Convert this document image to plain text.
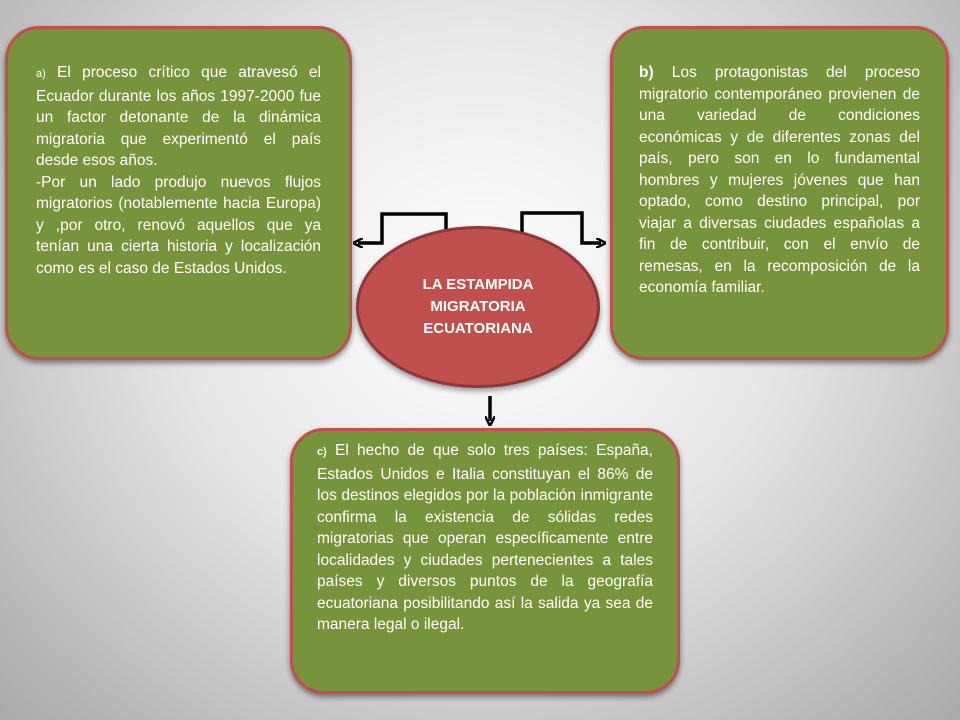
a) El proceso crítico que atravesó el Ecuador durante los años 1997-2000 fue un factor detonante de la dinámica migratoria que experimentó el país desde esos años.

-Por un lado produjo nuevos flujos migratorios (notablemente hacia Europa) y ,por otro, renovó aquellos que ya tenían una cierta historia y localización como es el caso de Estados Unidos.

b) Los protagonistas del proceso migratorio contemporáneo provienen de una variedad de condiciones económicas y de diferentes zonas del país, pero son en lo fundamental hombres y mujeres jóvenes que han optado, como destino principal, por viajar a diversas ciudades españolas a fin de contribuir, con el envío de remesas, en la recomposición de la economía familiar.

LA ESTAMPIDA MIGRATORIA ECUATORIANA

c) El hecho de que solo tres países: España, Estados Unidos e Italia constituyan el 86% de los destinos elegidos por la población inmigrante confirma la existencia de sólidas redes migratorias que operan específicamente entre localidades y ciudades pertenecientes a tales países y diversos puntos de la geografía ecuatoriana posibilitando así la salida ya sea de manera legal o ilegal.
